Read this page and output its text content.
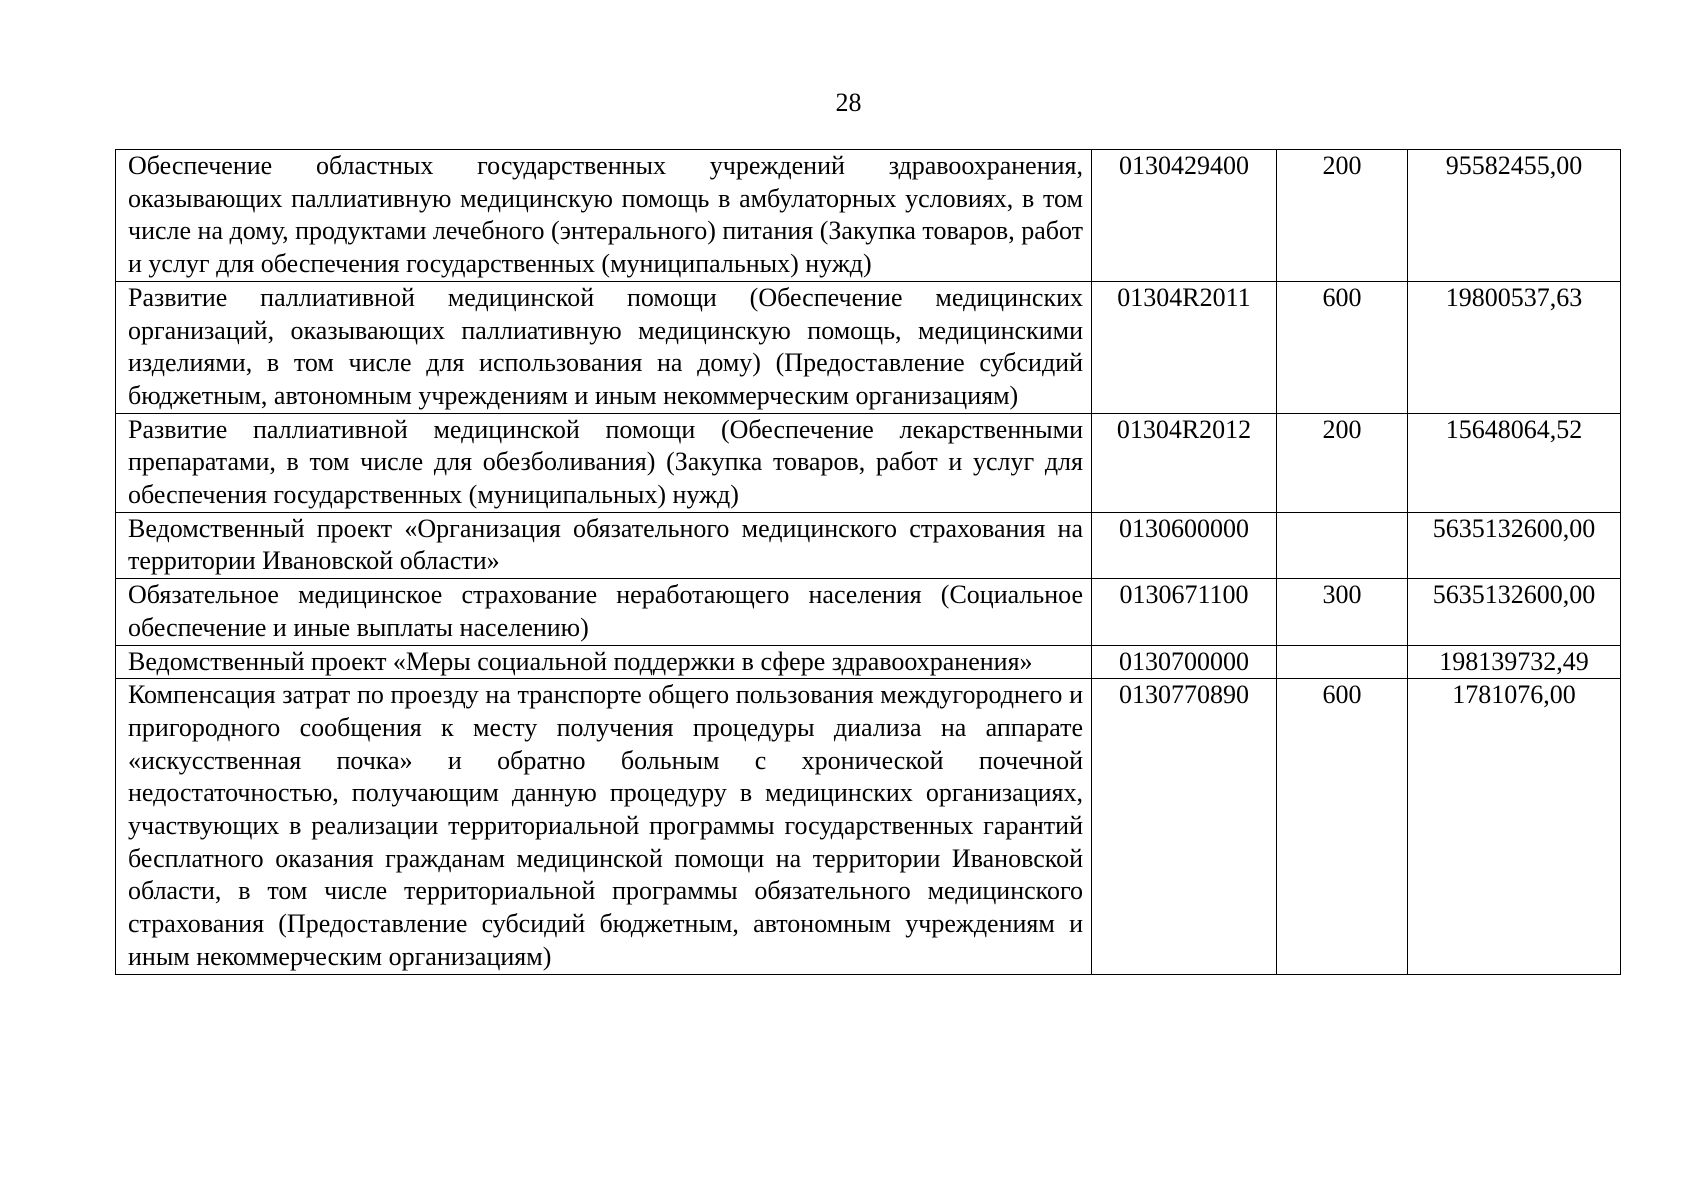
28
Обеспечение областных государственных учреждений здравоохранения, оказывающих паллиативную медицинскую помощь в амбулаторных условиях, в том числе на дому, продуктами лечебного (энтерального) питания (Закупка товаров, работ и услуг для обеспечения государственных (муниципальных) нужд)	0130429400	200	95582455,00
Развитие паллиативной медицинской помощи (Обеспечение медицинских организаций, оказывающих паллиативную медицинскую помощь, медицинскими изделиями, в том числе для использования на дому) (Предоставление субсидий бюджетным, автономным учреждениям и иным некоммерческим организациям)	01304R2011	600	19800537,63
Развитие паллиативной медицинской помощи (Обеспечение лекарственными препаратами, в том числе для обезболивания) (Закупка товаров, работ и услуг для обеспечения государственных (муниципальных) нужд)	01304R2012	200	15648064,52
Ведомственный проект «Организация обязательного медицинского страхования на территории Ивановской области»	0130600000		5635132600,00
Обязательное медицинское страхование неработающего населения (Социальное обеспечение и иные выплаты населению)	0130671100	300	5635132600,00
Ведомственный проект «Меры социальной поддержки в сфере здравоохранения»	0130700000		198139732,49
Компенсация затрат по проезду на транспорте общего пользования междугороднего и пригородного сообщения к месту получения процедуры диализа на аппарате «искусственная почка» и обратно больным с хронической почечной недостаточностью, получающим данную процедуру в медицинских организациях, участвующих в реализации территориальной программы государственных гарантий бесплатного оказания гражданам медицинской помощи на территории Ивановской области, в том числе территориальной программы обязательного медицинского страхования (Предоставление субсидий бюджетным, автономным учреждениям и иным некоммерческим организациям)	0130770890	600	1781076,00
